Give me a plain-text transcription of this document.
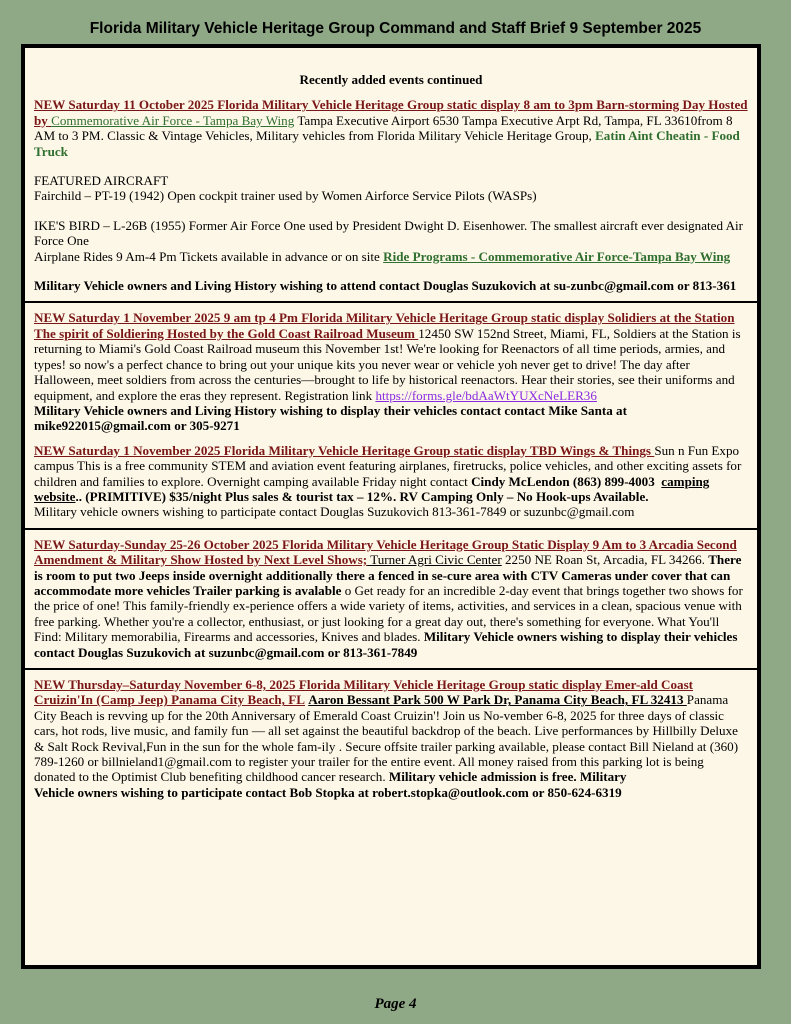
Florida Military Vehicle Heritage Group Command and Staff Brief 9 September 2025
Recently added events continued

NEW Saturday 11 October 2025 Florida Military Vehicle Heritage Group static display 8 am to 3pm Barn-storming Day Hosted by Commemorative Air Force - Tampa Bay Wing Tampa Executive Airport 6530 Tampa Executive Arpt Rd, Tampa, FL 33610from 8 AM to 3 PM. Classic & Vintage Vehicles, Military vehicles from Florida Military Vehicle Heritage Group, Eatin Aint Cheatin - Food Truck

FEATURED AIRCRAFT

Fairchild – PT-19 (1942) Open cockpit trainer used by Women Airforce Service Pilots (WASPs)

IKE'S BIRD – L-26B (1955) Former Air Force One used by President Dwight D. Eisenhower. The smallest aircraft ever designated Air Force One

Airplane Rides 9 Am-4 Pm Tickets available in advance or on site Ride Programs - Commemorative Air Force-Tampa Bay Wing

Military Vehicle owners and Living History wishing to attend contact Douglas Suzukovich at su-zunbc@gmail.com or 813-361

NEW Saturday 1 November 2025 9 am tp 4 Pm Florida Military Vehicle Heritage Group static display Solidiers at the Station The spirit of Soldiering Hosted by the Gold Coast Railroad Museum 12450 SW 152nd Street, Miami, FL, Soldiers at the Station is returning to Miami's Gold Coast Railroad museum this November 1st! We're looking for Reenactors of all time periods, armies, and types! so now's a perfect chance to bring out your unique kits you never wear or vehicle yoh never get to drive! The day after Halloween, meet soldiers from across the centuries—brought to life by historical reenactors. Hear their stories, see their uniforms and equipment, and explore the eras they represent. Registration link https://forms.gle/bdAaWtYUXcNeLER36

Military Vehicle owners and Living History wishing to display their vehicles contact contact Mike Santa at mike922015@gmail.com or 305-9271

NEW Saturday 1 November 2025 Florida Military Vehicle Heritage Group static display TBD Wings & Things Sun n Fun Expo campus This is a free community STEM and aviation event featuring airplanes, firetrucks, police vehicles, and other exciting assets for children and families to explore. Overnight camping available Friday night contact Cindy McLendon (863) 899-4003 camping website.. (PRIMITIVE) $35/night Plus sales & tourist tax – 12%. RV Camping Only – No Hook-ups Available.

Military vehicle owners wishing to participate contact Douglas Suzukovich 813-361-7849 or suzunbc@gmail.com

NEW Saturday-Sunday 25-26 October 2025 Florida Military Vehicle Heritage Group Static Display 9 Am to 3 Arcadia Second Amendment & Military Show Hosted by Next Level Shows; Turner Agri Civic Center 2250 NE Roan St, Arcadia, FL 34266. There is room to put two Jeeps inside overnight additionally there a fenced in se-cure area with CTV Cameras under cover that can accommodate more vehicles Trailer parking is avalable o Get ready for an incredible 2-day event that brings together two shows for the price of one! This family-friendly ex-perience offers a wide variety of items, activities, and services in a clean, spacious venue with free parking. Whether you're a collector, enthusiast, or just looking for a great day out, there's something for everyone. What You'll Find: Military memorabilia, Firearms and accessories, Knives and blades. Military Vehicle owners wishing to display their vehicles contact Douglas Suzukovich at suzunbc@gmail.com or 813-361-7849

NEW Thursday–Saturday November 6-8, 2025 Florida Military Vehicle Heritage Group static display Emer-ald Coast Cruizin'In (Camp Jeep) Panama City Beach, FL Aaron Bessant Park 500 W Park Dr, Panama City Beach, FL 32413 Panama City Beach is revving up for the 20th Anniversary of Emerald Coast Cruizin'! Join us No-vember 6-8, 2025 for three days of classic cars, hot rods, live music, and family fun — all set against the beautiful backdrop of the beach. Live performances by Hillbilly Deluxe & Salt Rock Revival,Fun in the sun for the whole fam-ily . Secure offsite trailer parking available, please contact Bill Nieland at (360) 789-1260 or billnieland1@gmail.com to register your trailer for the entire event. All money raised from this parking lot is being donated to the Optimist Club benefiting childhood cancer research. Military vehicle admission is free. Military

Vehicle owners wishing to participate contact Bob Stopka at robert.stopka@outlook.com or 850-624-6319

Page 4
